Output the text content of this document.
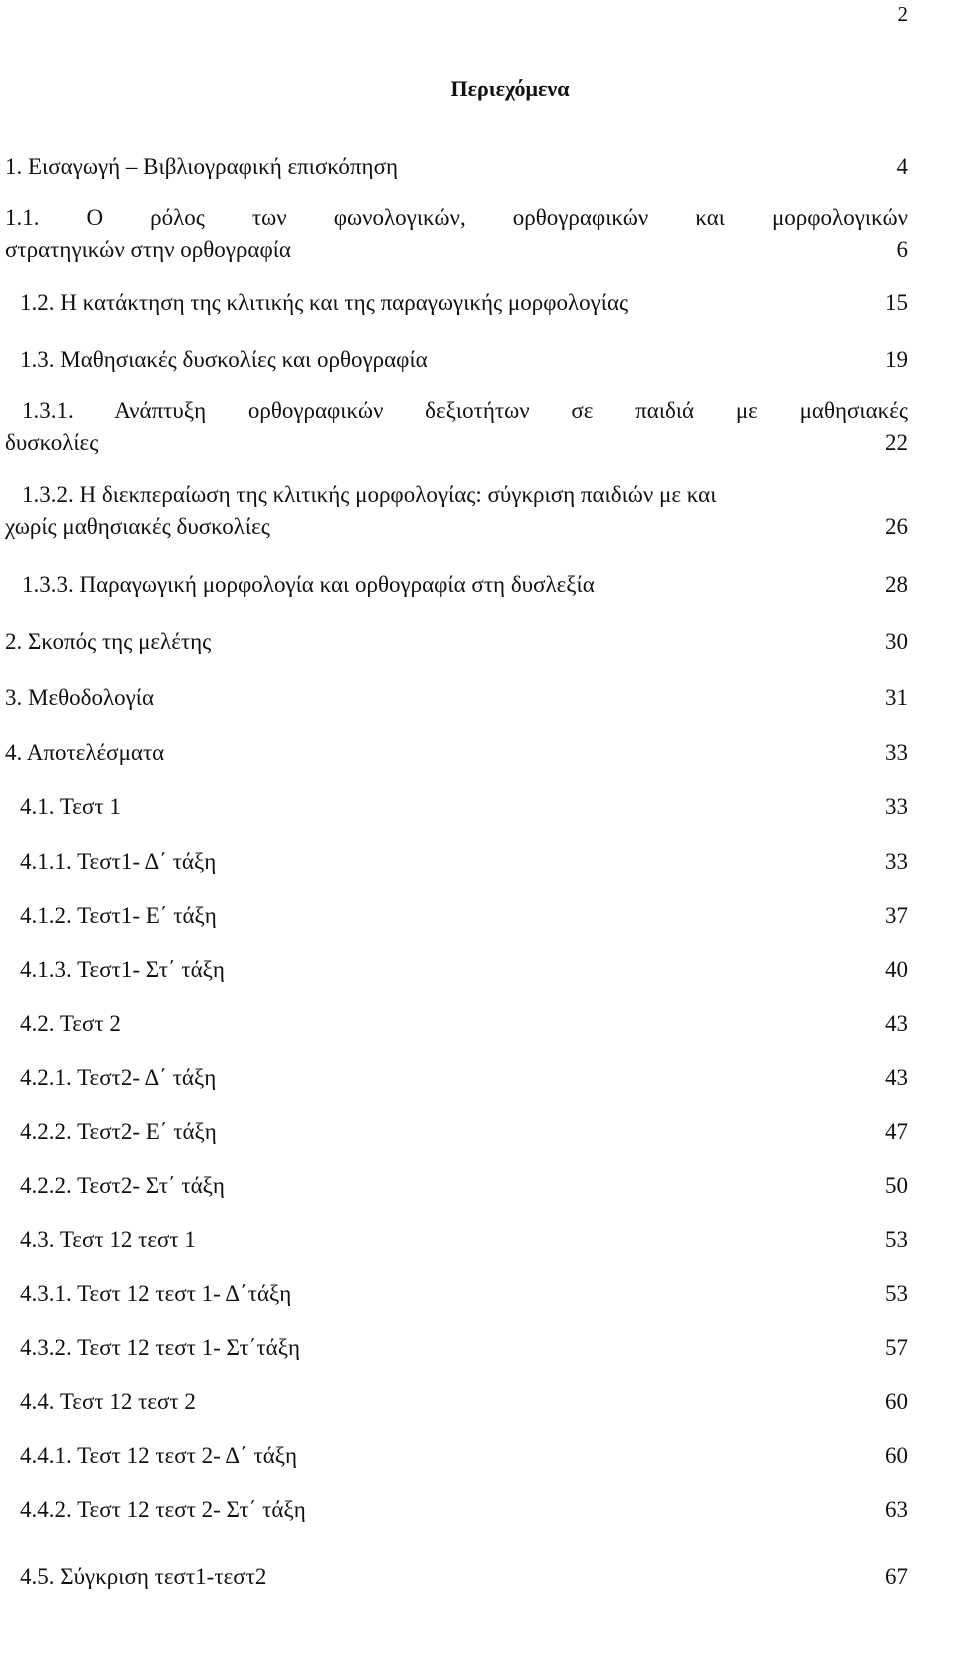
2
Περιεχόμενα
1. Εισαγωγή – Βιβλιογραφική επισκόπηση	4
1.1. Ο ρόλος των φωνολογικών, ορθογραφικών και μορφολογικών
στρατηγικών στην ορθογραφία	6
1.2. Η κατάκτηση της κλιτικής και της παραγωγικής μορφολογίας	15
1.3. Μαθησιακές δυσκολίες και ορθογραφία	19
1.3.1. Ανάπτυξη ορθογραφικών δεξιοτήτων σε παιδιά με μαθησιακές
δυσκολίες	22
1.3.2. Η διεκπεραίωση της κλιτικής μορφολογίας: σύγκριση παιδιών με και
χωρίς μαθησιακές δυσκολίες	26
1.3.3. Παραγωγική μορφολογία και ορθογραφία στη δυσλεξία	28
2. Σκοπός της μελέτης	30
3. Μεθοδολογία	31
4. Αποτελέσματα	33
4.1. Τεστ 1	33
4.1.1. Τεστ1- Δ΄ τάξη	33
4.1.2. Τεστ1- Ε΄ τάξη	37
4.1.3. Τεστ1- Στ΄ τάξη	40
4.2. Τεστ 2	43
4.2.1. Τεστ2- Δ΄ τάξη	43
4.2.2. Τεστ2- Ε΄ τάξη	47
4.2.2. Τεστ2- Στ΄ τάξη	50
4.3. Τεστ 12 τεστ 1	53
4.3.1. Τεστ 12 τεστ 1- Δ΄τάξη	53
4.3.2. Τεστ 12 τεστ 1- Στ΄τάξη	57
4.4. Τεστ 12 τεστ 2	60
4.4.1. Τεστ 12 τεστ 2- Δ΄ τάξη	60
4.4.2. Τεστ 12 τεστ 2- Στ΄ τάξη	63
4.5. Σύγκριση τεστ1-τεστ2	67
